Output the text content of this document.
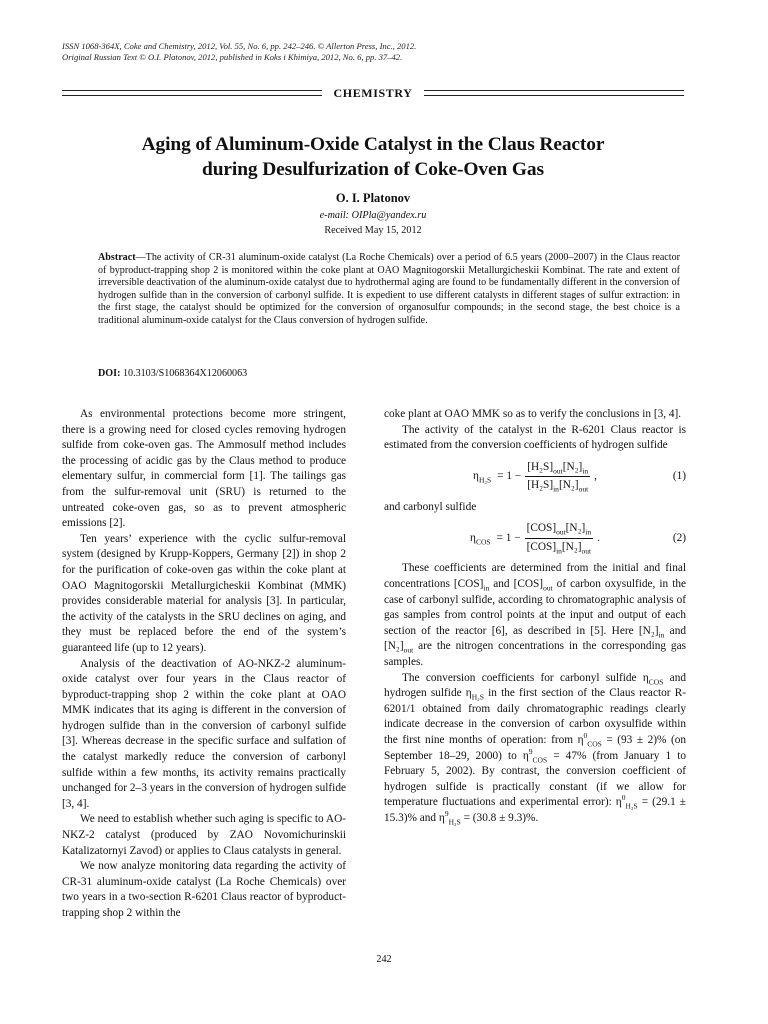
ISSN 1068-364X, Coke and Chemistry, 2012, Vol. 55, No. 6, pp. 242–246. © Allerton Press, Inc., 2012.
Original Russian Text © O.I. Platonov, 2012, published in Koks i Khimiya, 2012, No. 6, pp. 37–42.
CHEMISTRY
Aging of Aluminum-Oxide Catalyst in the Claus Reactor
during Desulfurization of Coke-Oven Gas
O. I. Platonov
e-mail: OIPla@yandex.ru
Received May 15, 2012

Abstract—The activity of CR-31 aluminum-oxide catalyst (La Roche Chemicals) over a period of 6.5 years (2000–2007) in the Claus reactor of byproduct-trapping shop 2 is monitored within the coke plant at OAO Magnitogorskii Metallurgicheskii Kombinat. The rate and extent of irreversible deactivation of the aluminum-oxide catalyst due to hydrothermal aging are found to be fundamentally different in the conversion of hydrogen sulfide than in the conversion of carbonyl sulfide. It is expedient to use different catalysts in different stages of sulfur extraction: in the first stage, the catalyst should be optimized for the conversion of organosulfur compounds; in the second stage, the best choice is a traditional aluminum-oxide catalyst for the Claus conversion of hydrogen sulfide.

DOI: 10.3103/S1068364X12060063

As environmental protections become more stringent, there is a growing need for closed cycles removing hydrogen sulfide from coke-oven gas. The Ammosulf method includes the processing of acidic gas by the Claus method to produce elementary sulfur, in commercial form [1]. The tailings gas from the sulfur-removal unit (SRU) is returned to the untreated coke-oven gas, so as to prevent atmospheric emissions [2].

Ten years’ experience with the cyclic sulfur-removal system (designed by Krupp-Koppers, Germany [2]) in shop 2 for the purification of coke-oven gas within the coke plant at OAO Magnitogorskii Metallurgicheskii Kombinat (MMK) provides considerable material for analysis [3]. In particular, the activity of the catalysts in the SRU declines on aging, and they must be replaced before the end of the system’s guaranteed life (up to 12 years).

Analysis of the deactivation of AO-NKZ-2 aluminum-oxide catalyst over four years in the Claus reactor of byproduct-trapping shop 2 within the coke plant at OAO MMK indicates that its aging is different in the conversion of hydrogen sulfide than in the conversion of carbonyl sulfide [3]. Whereas decrease in the specific surface and sulfation of the catalyst markedly reduce the conversion of carbonyl sulfide within a few months, its activity remains practically unchanged for 2–3 years in the conversion of hydrogen sulfide [3, 4].

We need to establish whether such aging is specific to AO-NKZ-2 catalyst (produced by ZAO Novomichurinskii Katalizatornyi Zavod) or applies to Claus catalysts in general.

We now analyze monitoring data regarding the activity of CR-31 aluminum-oxide catalyst (La Roche Chemicals) over two years in a two-section R-6201 Claus reactor of byproduct-trapping shop 2 within the

coke plant at OAO MMK so as to verify the conclusions in [3, 4].

The activity of the catalyst in the R-6201 Claus reactor is estimated from the conversion coefficients of hydrogen sulfide

$\eta_{H_2S} = 1 - \frac{[H_2S]_{out}[N_2]_{in}}{[H_2S]_{in}[N_2]_{out}}$ ,	(1)

and carbonyl sulfide

$\eta_{COS} = 1 - \frac{[COS]_{out}[N_2]_{in}}{[COS]_{in}[N_2]_{out}}$ .	(2)

These coefficients are determined from the initial and final concentrations $[COS]_{in}$ and $[COS]_{out}$ of carbon oxysulfide, in the case of carbonyl sulfide, according to chromatographic analysis of gas samples from control points at the input and output of each section of the reactor [6], as described in [5]. Here $[N_2]_{in}$ and $[N_2]_{out}$ are the nitrogen concentrations in the corresponding gas samples.

The conversion coefficients for carbonyl sulfide $\eta_{COS}$ and hydrogen sulfide $\eta_{H_2S}$ in the first section of the Claus reactor R-6201/1 obtained from daily chromatographic readings clearly indicate decrease in the conversion of carbon oxysulfide within the first nine months of operation: from $\eta^0_{COS} = (93 \pm 2)\%$ (on September 18–29, 2000) to $\eta^9_{COS} = 47\%$ (from January 1 to February 5, 2002). By contrast, the conversion coefficient of hydrogen sulfide is practically constant (if we allow for temperature fluctuations and experimental error): $\eta^0_{H_2S} = (29.1 \pm 15.3)\%$ and $\eta^9_{H_2S} = (30.8 \pm 9.3)\%$.

242
